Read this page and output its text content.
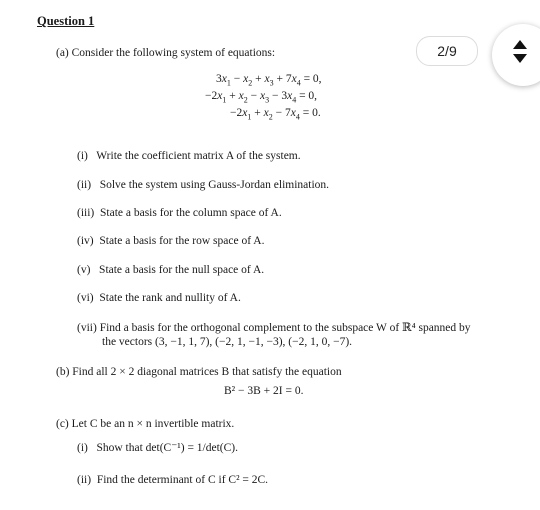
Question 1
2/9
(a) Consider the following system of equations:
$3x_1 - x_2 + x_3 + 7x_4 = 0$,
$-2x_1 + x_2 - x_3 - 3x_4 = 0$,
$-2x_1 + x_2 - 7x_4 = 0$.
(i) Write the coefficient matrix A of the system.
(ii) Solve the system using Gauss-Jordan elimination.
(iii) State a basis for the column space of A.
(iv) State a basis for the row space of A.
(v) State a basis for the null space of A.
(vi) State the rank and nullity of A.
(vii) Find a basis for the orthogonal complement to the subspace W of ℝ⁴ spanned by
the vectors (3, −1, 1, 7), (−2, 1, −1, −3), (−2, 1, 0, −7).
(b) Find all 2 × 2 diagonal matrices B that satisfy the equation
B² − 3B + 2I = 0.
(c) Let C be an n × n invertible matrix.
(i) Show that det(C⁻¹) = 1/det(C).
(ii) Find the determinant of C if C² = 2C.
